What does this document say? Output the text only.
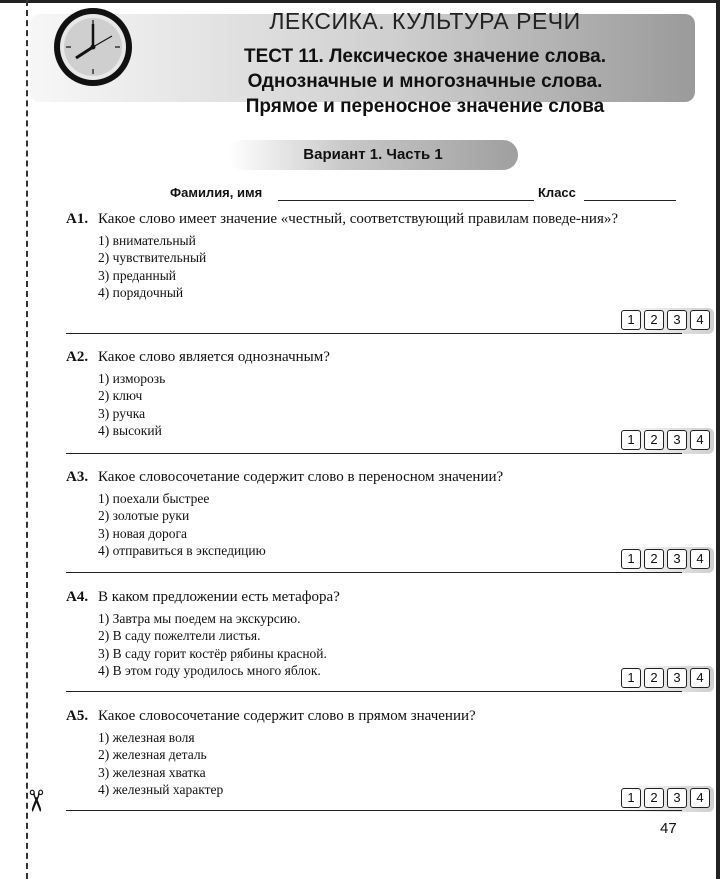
✂
ЛЕКСИКА. КУЛЬТУРА РЕЧИ
ТЕСТ 11. Лексическое значение слова.
Однозначные и многозначные слова.
Прямое и переносное значение слова
Вариант 1. Часть 1
Фамилия, имя	Класс
А1. Какое слово имеет значение «честный, соответствующий правилам поведе-ния»?
1) внимательный
2) чувствительный
3) преданный
4) порядочный
1	2	3	4
А2. Какое слово является однозначным?
1) изморозь
2) ключ
3) ручка
4) высокий
1	2	3	4
А3. Какое словосочетание содержит слово в переносном значении?
1) поехали быстрее
2) золотые руки
3) новая дорога
4) отправиться в экспедицию
1	2	3	4
А4. В каком предложении есть метафора?
1) Завтра мы поедем на экскурсию.
2) В саду пожелтели листья.
3) В саду горит костёр рябины красной.
4) В этом году уродилось много яблок.	1	2	3	4
А5. Какое словосочетание содержит слово в прямом значении?
1) железная воля
2) железная деталь
3) железная хватка
4) железный характер
1	2	3	4
47
